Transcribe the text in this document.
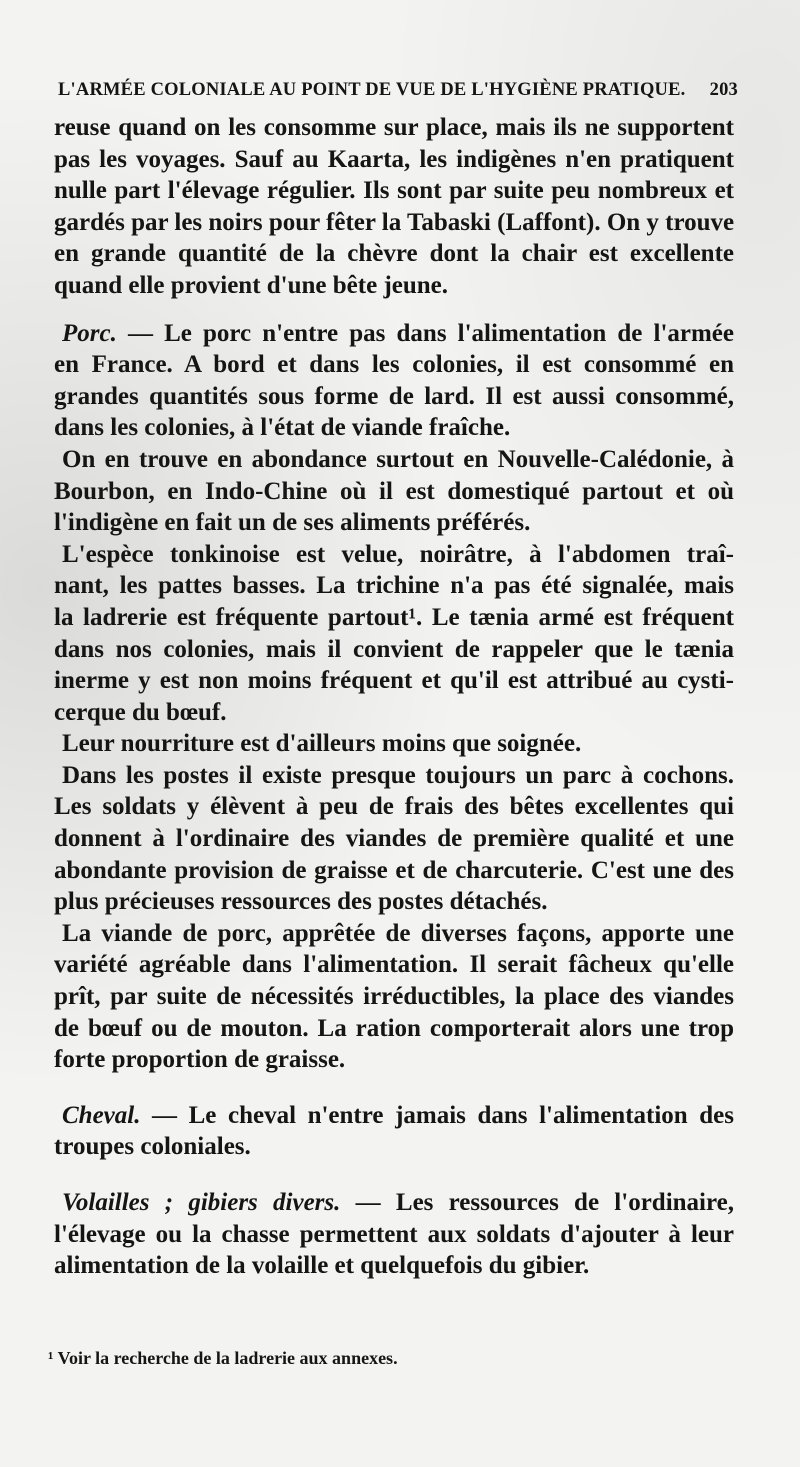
L'ARMÉE COLONIALE AU POINT DE VUE DE L'HYGIÈNE PRATIQUE. 203
reuse quand on les consomme sur place, mais ils ne supportent
pas les voyages. Sauf au Kaarta, les indigènes n'en pratiquent
nulle part l'élevage régulier. Ils sont par suite peu nombreux et
gardés par les noirs pour fêter la Tabaski (Laffont). On y trouve
en grande quantité de la chèvre dont la chair est excellente
quand elle provient d'une bête jeune.
Porc. — Le porc n'entre pas dans l'alimentation de l'armée
en France. A bord et dans les colonies, il est consommé en
grandes quantités sous forme de lard. Il est aussi consommé,
dans les colonies, à l'état de viande fraîche.
On en trouve en abondance surtout en Nouvelle-Calédonie, à
Bourbon, en Indo-Chine où il est domestiqué partout et où
l'indigène en fait un de ses aliments préférés.
L'espèce tonkinoise est velue, noirâtre, à l'abdomen traî-
nant, les pattes basses. La trichine n'a pas été signalée, mais
la ladrerie est fréquente partout¹. Le tænia armé est fréquent
dans nos colonies, mais il convient de rappeler que le tænia
inerme y est non moins fréquent et qu'il est attribué au cysti-
cerque du bœuf.
Leur nourriture est d'ailleurs moins que soignée.
Dans les postes il existe presque toujours un parc à cochons.
Les soldats y élèvent à peu de frais des bêtes excellentes qui
donnent à l'ordinaire des viandes de première qualité et une
abondante provision de graisse et de charcuterie. C'est une des
plus précieuses ressources des postes détachés.
La viande de porc, apprêtée de diverses façons, apporte une
variété agréable dans l'alimentation. Il serait fâcheux qu'elle
prît, par suite de nécessités irréductibles, la place des viandes
de bœuf ou de mouton. La ration comporterait alors une trop
forte proportion de graisse.
Cheval. — Le cheval n'entre jamais dans l'alimentation des
troupes coloniales.
Volailles ; gibiers divers. — Les ressources de l'ordinaire,
l'élevage ou la chasse permettent aux soldats d'ajouter à leur
alimentation de la volaille et quelquefois du gibier.
¹ Voir la recherche de la ladrerie aux annexes.
